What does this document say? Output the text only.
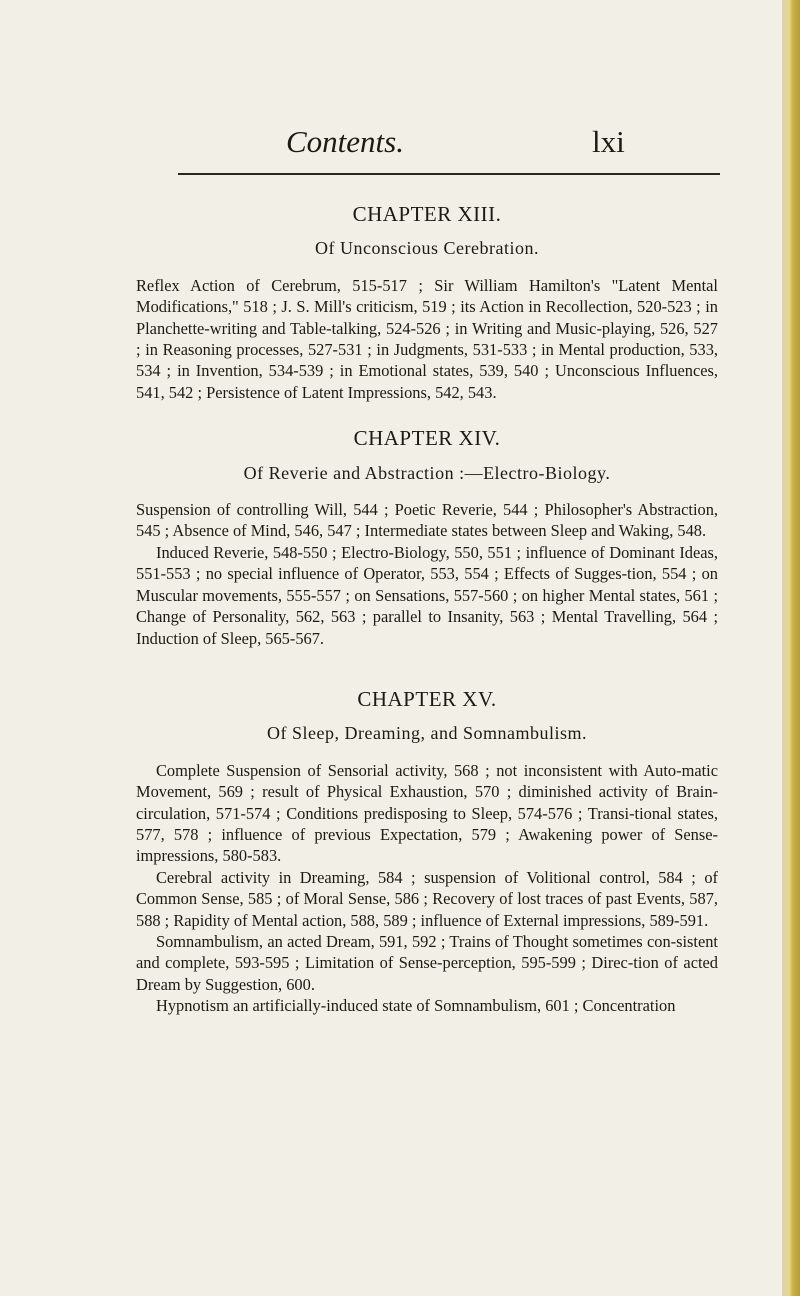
Contents.	lxi

CHAPTER XIII.

Of Unconscious Cerebration.

Reflex Action of Cerebrum, 515-517 ; Sir William Hamilton's "Latent Mental Modifications," 518 ; J. S. Mill's criticism, 519 ; its Action in Recollection, 520-523 ; in Planchette-writing and Table-talking, 524-526 ; in Writing and Music-playing, 526, 527 ; in Reasoning processes, 527-531 ; in Judgments, 531-533 ; in Mental production, 533, 534 ; in Invention, 534-539 ; in Emotional states, 539, 540 ; Unconscious Influences, 541, 542 ; Persistence of Latent Impressions, 542, 543.

CHAPTER XIV.

Of Reverie and Abstraction :—Electro-Biology.

Suspension of controlling Will, 544 ; Poetic Reverie, 544 ; Philosopher's Abstraction, 545 ; Absence of Mind, 546, 547 ; Intermediate states between Sleep and Waking, 548.

Induced Reverie, 548-550 ; Electro-Biology, 550, 551 ; influence of Dominant Ideas, 551-553 ; no special influence of Operator, 553, 554 ; Effects of Sugges-tion, 554 ; on Muscular movements, 555-557 ; on Sensations, 557-560 ; on higher Mental states, 561 ; Change of Personality, 562, 563 ; parallel to Insanity, 563 ; Mental Travelling, 564 ; Induction of Sleep, 565-567.

CHAPTER XV.

Of Sleep, Dreaming, and Somnambulism.

Complete Suspension of Sensorial activity, 568 ; not inconsistent with Auto-matic Movement, 569 ; result of Physical Exhaustion, 570 ; diminished activity of Brain-circulation, 571-574 ; Conditions predisposing to Sleep, 574-576 ; Transi-tional states, 577, 578 ; influence of previous Expectation, 579 ; Awakening power of Sense-impressions, 580-583.

Cerebral activity in Dreaming, 584 ; suspension of Volitional control, 584 ; of Common Sense, 585 ; of Moral Sense, 586 ; Recovery of lost traces of past Events, 587, 588 ; Rapidity of Mental action, 588, 589 ; influence of External impressions, 589-591.

Somnambulism, an acted Dream, 591, 592 ; Trains of Thought sometimes con-sistent and complete, 593-595 ; Limitation of Sense-perception, 595-599 ; Direc-tion of acted Dream by Suggestion, 600.

Hypnotism an artificially-induced state of Somnambulism, 601 ; Concentration
